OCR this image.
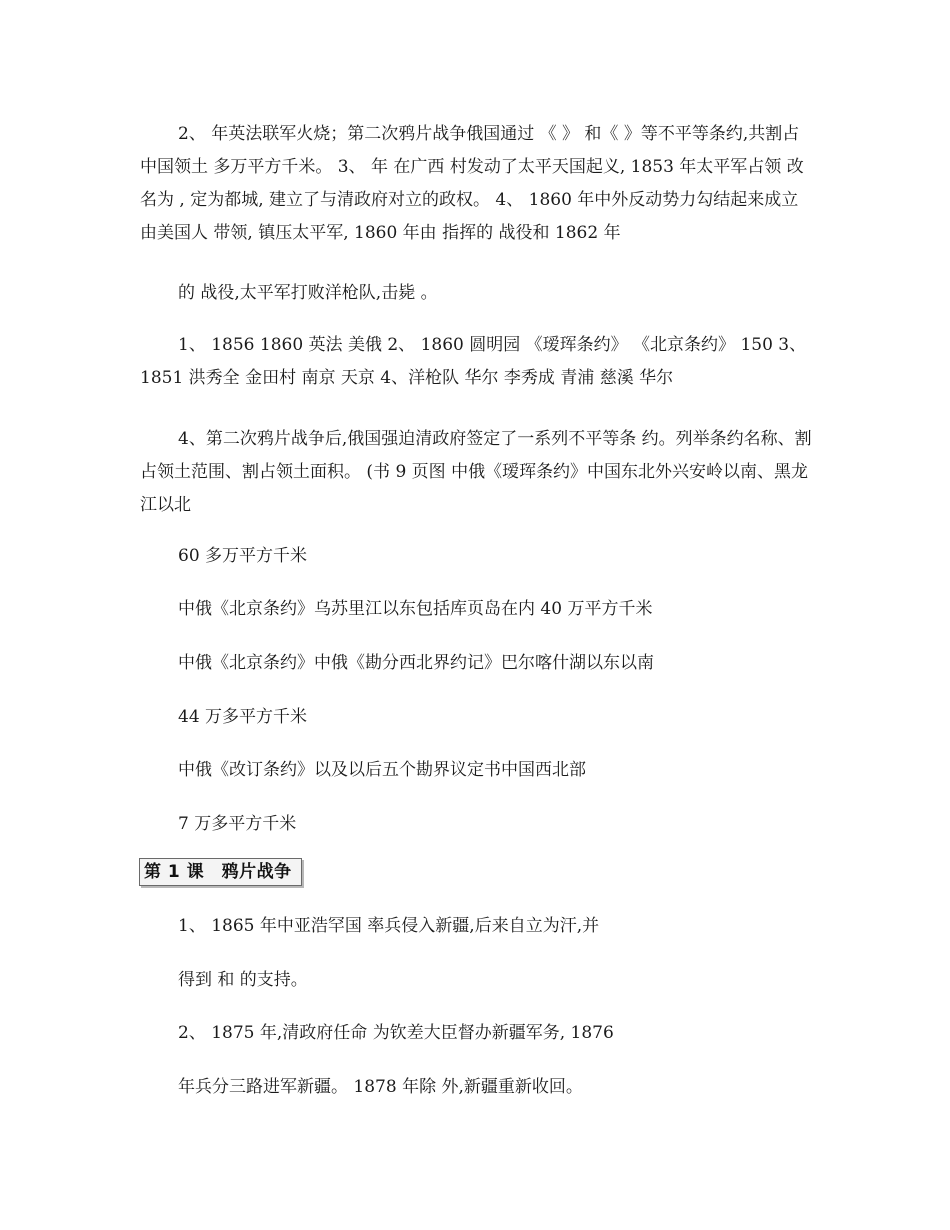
2、 年英法联军火烧；第二次鸦片战争俄国通过 《 》 和《 》等不平等条约,共割占中国领土 多万平方千米。 3、 年 在广西 村发动了太平天国起义, 1853 年太平军占领 改名为 , 定为都城, 建立了与清政府对立的政权。 4、 1860 年中外反动势力勾结起来成立 由美国人 带领, 镇压太平军, 1860 年由 指挥的 战役和 1862 年

的 战役,太平军打败洋枪队,击毙 。

1、 1856 1860 英法 美俄 2、 1860 圆明园 《瑷珲条约》 《北京条约》 150 3、 1851 洪秀全 金田村 南京 天京 4、洋枪队 华尔 李秀成 青浦 慈溪 华尔

4、第二次鸦片战争后,俄国强迫清政府签定了一系列不平等条 约。列举条约名称、割占领土范围、割占领土面积。 (书 9 页图 中俄《瑷珲条约》中国东北外兴安岭以南、黑龙江以北

60 多万平方千米

中俄《北京条约》乌苏里江以东包括库页岛在内 40 万平方千米

中俄《北京条约》中俄《勘分西北界约记》巴尔喀什湖以东以南

44 万多平方千米

中俄《改订条约》以及以后五个勘界议定书中国西北部

7 万多平方千米

第 1 课　鸦片战争

1、 1865 年中亚浩罕国 率兵侵入新疆,后来自立为汗,并

得到 和 的支持。

2、 1875 年,清政府任命 为钦差大臣督办新疆军务, 1876

年兵分三路进军新疆。 1878 年除 外,新疆重新收回。
